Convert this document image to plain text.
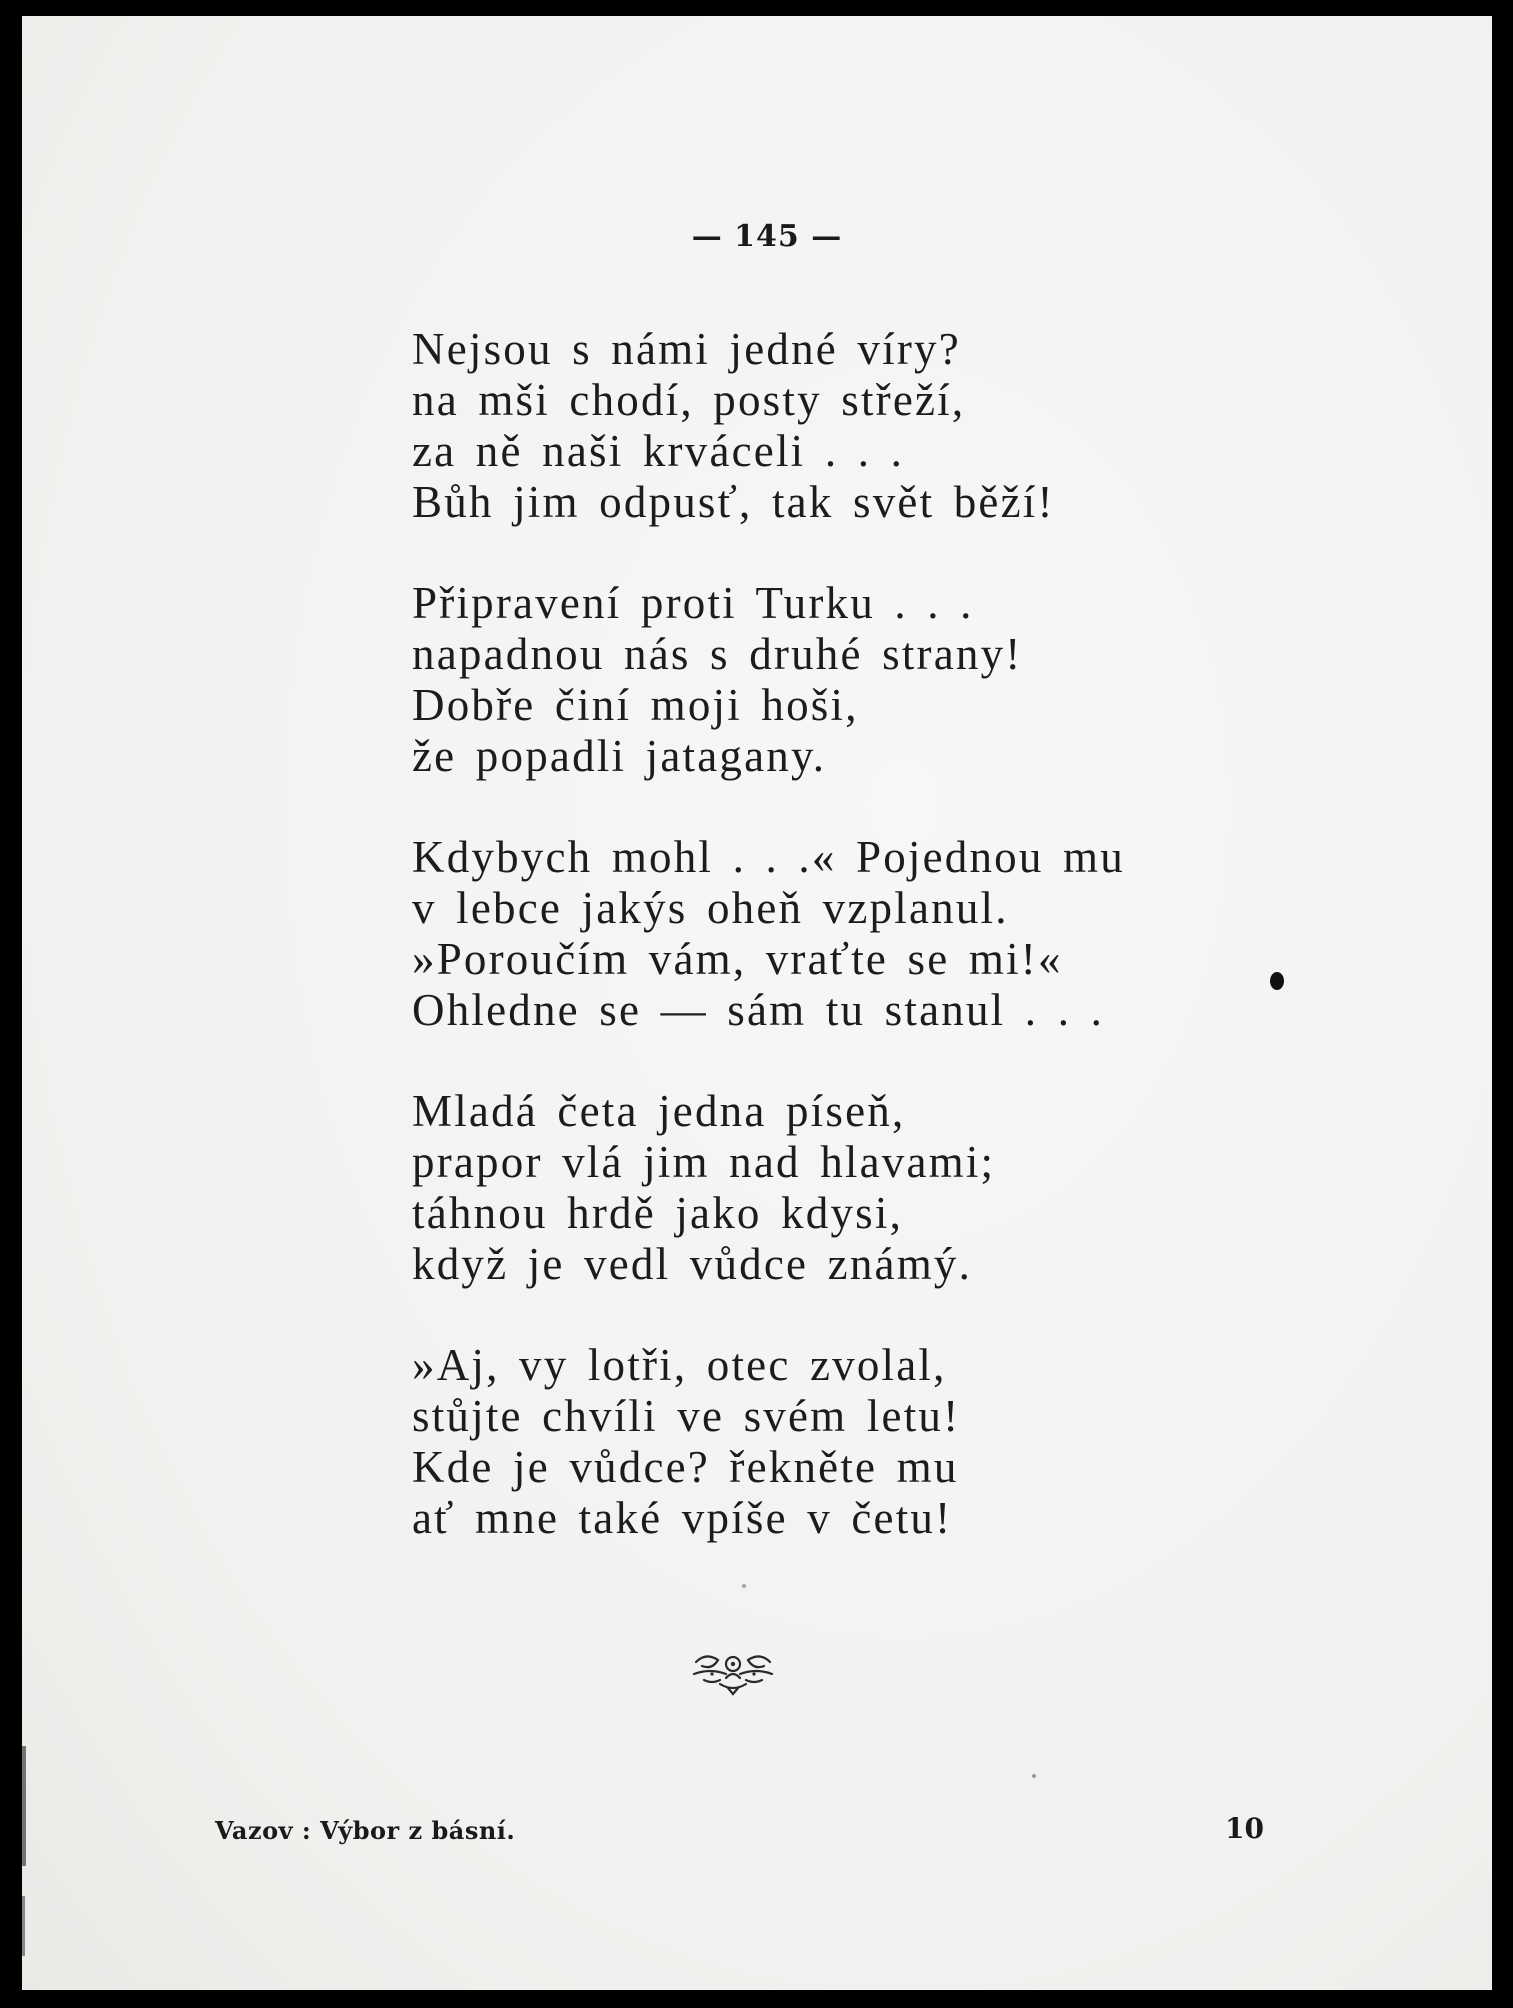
— 145 —
Nejsou s námi jedné víry?
na mši chodí, posty střeží,
za ně naši krváceli . . .
Bůh jim odpusť, tak svět běží!
Připravení proti Turku . . .
napadnou nás s druhé strany!
Dobře činí moji hoši,
že popadli jatagany.
Kdybych mohl . . .« Pojednou mu
v lebce jakýs oheň vzplanul.
»Poroučím vám, vraťte se mi!«
Ohledne se — sám tu stanul . . .
Mladá četa jedna píseň,
prapor vlá jim nad hlavami;
táhnou hrdě jako kdysi,
když je vedl vůdce známý.
»Aj, vy lotři, otec zvolal,
stůjte chvíli ve svém letu!
Kde je vůdce? řekněte mu
ať mne také vpíše v četu!
Vazov : Výbor z básní.	10
